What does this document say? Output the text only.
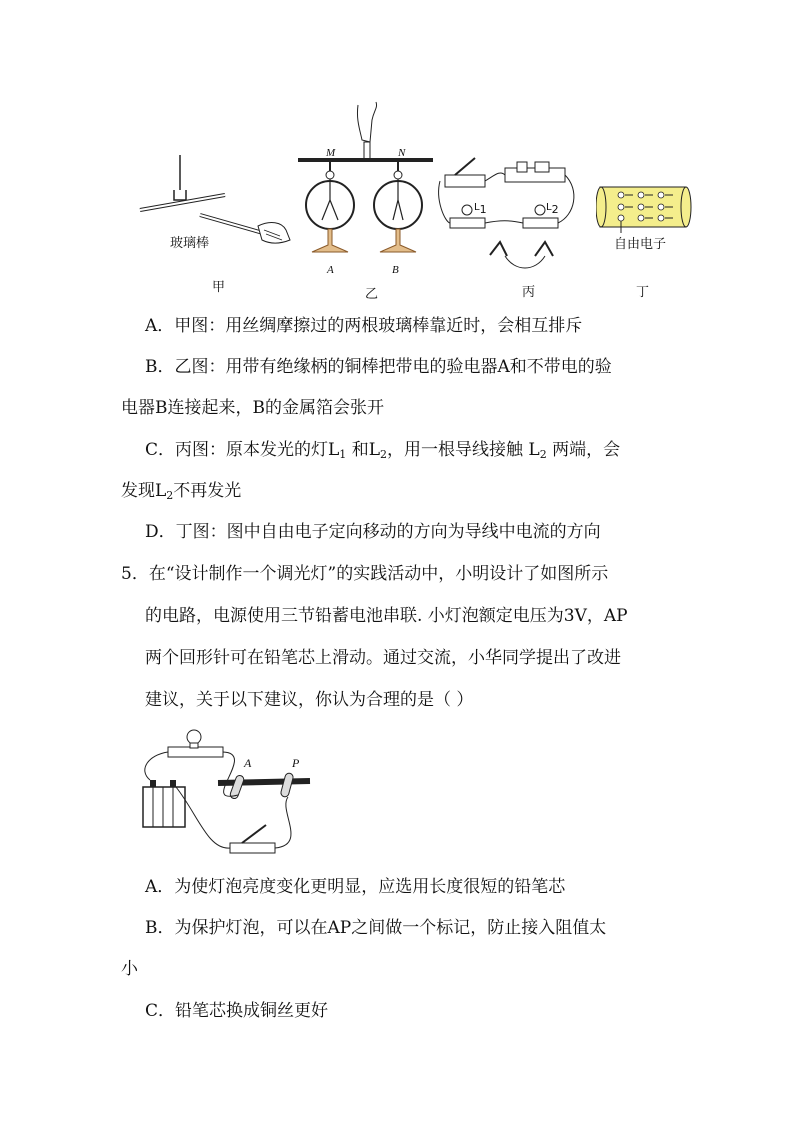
玻璃棒
甲
M	N
A	B
乙
$L_1$	$L_2$
丙
自由电子
丁
A．甲图：用丝绸摩擦过的两根玻璃棒靠近时，会相互排斥
B．乙图：用带有绝缘柄的铜棒把带电的验电器A和不带电的验
电器B连接起来，B的金属箔会张开
C．丙图：原本发光的灯$L_1$ 和$L_2$，用一根导线接触 $L_2$ 两端，会
发现$L_2$不再发光
D．丁图：图中自由电子定向移动的方向为导线中电流的方向
5．在“设计制作一个调光灯”的实践活动中，小明设计了如图所示
的电路，电源使用三节铅蓄电池串联. 小灯泡额定电压为3V，AP
两个回形针可在铅笔芯上滑动。通过交流，小华同学提出了改进
建议，关于以下建议，你认为合理的是（ ）
A	P
A．为使灯泡亮度变化更明显，应选用长度很短的铅笔芯
B．为保护灯泡，可以在AP之间做一个标记，防止接入阻值太
小
C．铅笔芯换成铜丝更好
